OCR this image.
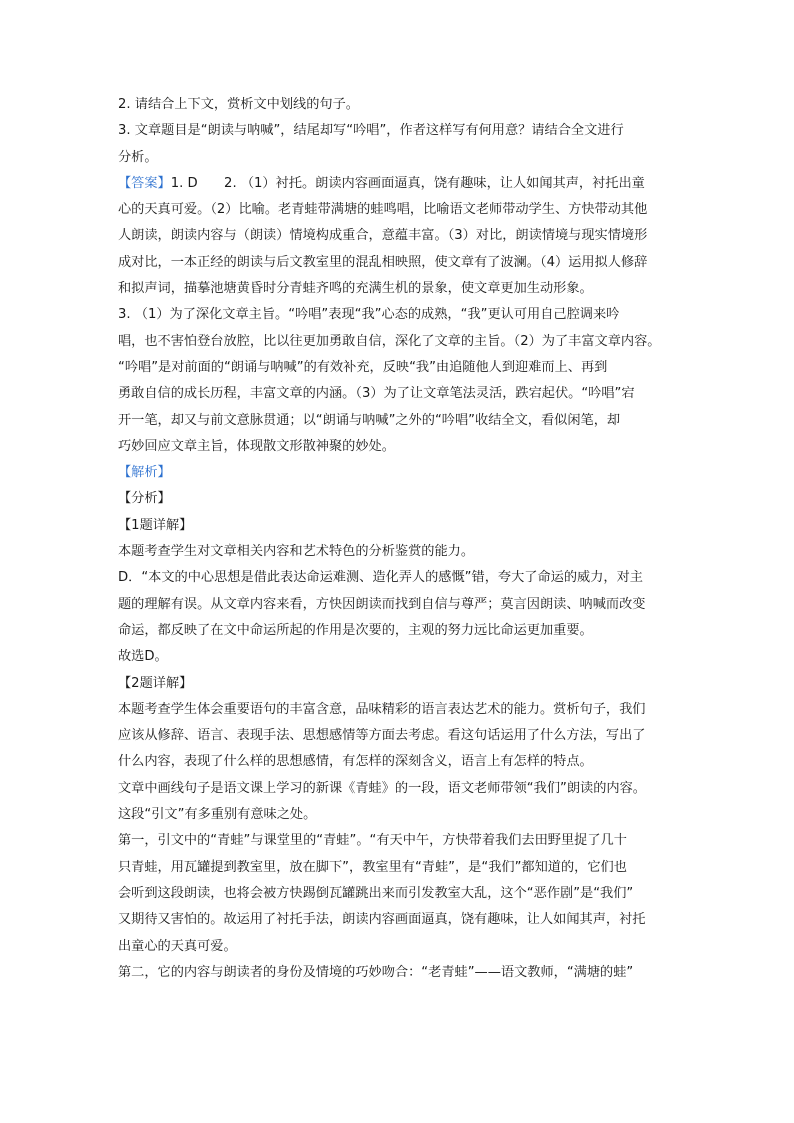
2. 请结合上下文，赏析文中划线的句子。
3. 文章题目是“朗读与呐喊”，结尾却写“吟唱”，作者这样写有何用意？请结合全文进行
分析。
【答案】1. D　　2. （1）衬托。朗读内容画面逼真，饶有趣味，让人如闻其声，衬托出童
心的天真可爱。（2）比喻。老青蛙带满塘的蛙鸣唱，比喻语文老师带动学生、方快带动其他
人朗读，朗读内容与（朗读）情境构成重合，意蕴丰富。（3）对比，朗读情境与现实情境形
成对比，一本正经的朗读与后文教室里的混乱相映照，使文章有了波澜。（4）运用拟人修辞
和拟声词，描摹池塘黄昏时分青蛙齐鸣的充满生机的景象，使文章更加生动形象。
3. （1）为了深化文章主旨。“吟唱”表现“我”心态的成熟，“我”更认可用自己腔调来吟
唱，也不害怕登台放腔，比以往更加勇敢自信，深化了文章的主旨。（2）为了丰富文章内容。
“吟唱”是对前面的“朗诵与呐喊”的有效补充，反映“我”由追随他人到迎难而上、再到
勇敢自信的成长历程，丰富文章的内涵。（3）为了让文章笔法灵活，跌宕起伏。“吟唱”宕
开一笔，却又与前文意脉贯通；以“朗诵与呐喊”之外的“吟唱”收结全文，看似闲笔，却
巧妙回应文章主旨，体现散文形散神聚的妙处。
【解析】
【分析】
【1题详解】
本题考查学生对文章相关内容和艺术特色的分析鉴赏的能力。
D．“本文的中心思想是借此表达命运难测、造化弄人的感慨”错，夸大了命运的威力，对主
题的理解有误。从文章内容来看，方快因朗读而找到自信与尊严；莫言因朗读、呐喊而改变
命运，都反映了在文中命运所起的作用是次要的，主观的努力远比命运更加重要。
故选D。
【2题详解】
本题考查学生体会重要语句的丰富含意，品味精彩的语言表达艺术的能力。赏析句子，我们
应该从修辞、语言、表现手法、思想感情等方面去考虑。看这句话运用了什么方法，写出了
什么内容，表现了什么样的思想感情，有怎样的深刻含义，语言上有怎样的特点。
文章中画线句子是语文课上学习的新课《青蛙》的一段，语文老师带领“我们”朗读的内容。
这段“引文”有多重别有意味之处。
第一，引文中的“青蛙”与课堂里的“青蛙”。“有天中午，方快带着我们去田野里捉了几十
只青蛙，用瓦罐提到教室里，放在脚下”，教室里有“青蛙”，是“我们”都知道的，它们也
会听到这段朗读，也将会被方快踢倒瓦罐跳出来而引发教室大乱，这个“恶作剧”是“我们”
又期待又害怕的。故运用了衬托手法，朗读内容画面逼真，饶有趣味，让人如闻其声，衬托
出童心的天真可爱。
第二，它的内容与朗读者的身份及情境的巧妙吻合：“老青蛙”——语文教师，“满塘的蛙”
